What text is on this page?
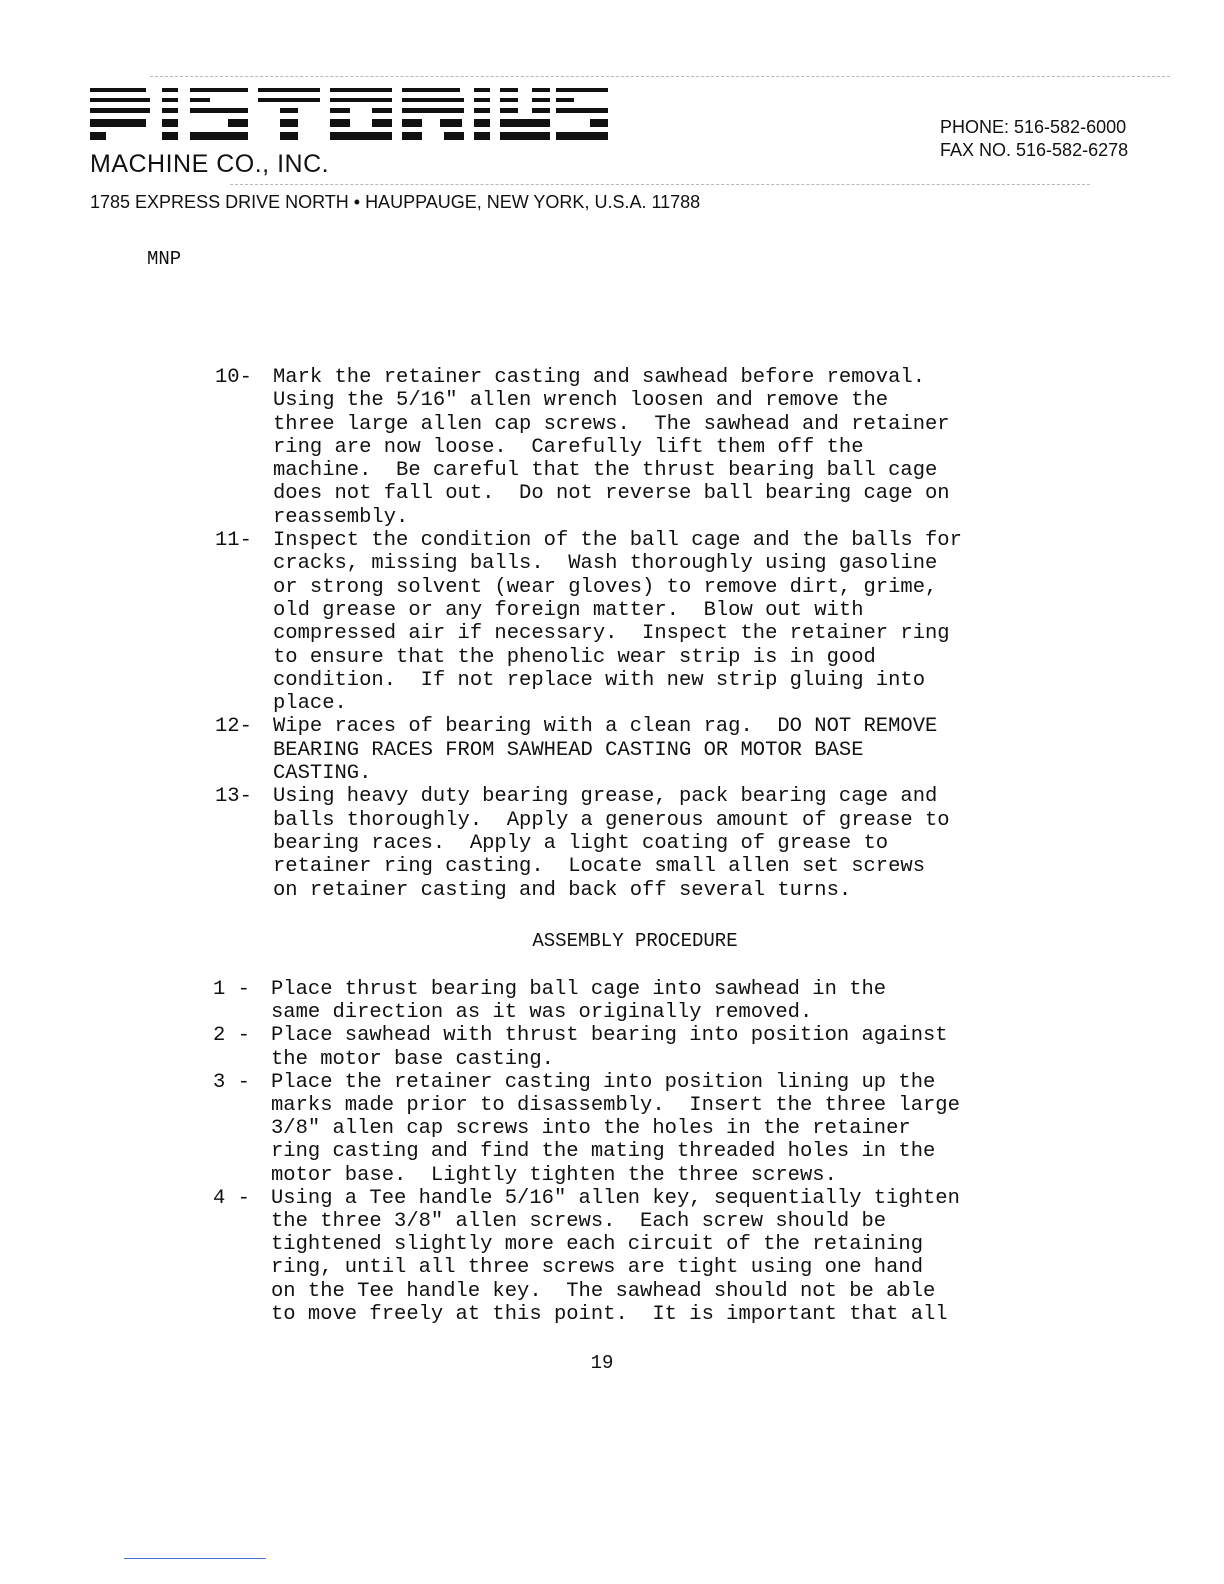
MACHINE CO., INC.
1785 EXPRESS DRIVE NORTH • HAUPPAUGE, NEW YORK, U.S.A. 11788
PHONE: 516-582-6000
FAX NO. 516-582-6278
MNP
10-	Mark the retainer casting and sawhead before removal.
Using the 5/16" allen wrench loosen and remove the
three large allen cap screws.  The sawhead and retainer
ring are now loose.  Carefully lift them off the
machine.  Be careful that the thrust bearing ball cage
does not fall out.  Do not reverse ball bearing cage on
reassembly.
11-	Inspect the condition of the ball cage and the balls for
cracks, missing balls.  Wash thoroughly using gasoline
or strong solvent (wear gloves) to remove dirt, grime,
old grease or any foreign matter.  Blow out with
compressed air if necessary.  Inspect the retainer ring
to ensure that the phenolic wear strip is in good
condition.  If not replace with new strip gluing into
place.
12-	Wipe races of bearing with a clean rag.  DO NOT REMOVE
BEARING RACES FROM SAWHEAD CASTING OR MOTOR BASE
CASTING.
13-	Using heavy duty bearing grease, pack bearing cage and
balls thoroughly.  Apply a generous amount of grease to
bearing races.  Apply a light coating of grease to
retainer ring casting.  Locate small allen set screws
on retainer casting and back off several turns.
ASSEMBLY PROCEDURE
1 -	Place thrust bearing ball cage into sawhead in the
same direction as it was originally removed.
2 -	Place sawhead with thrust bearing into position against
the motor base casting.
3 -	Place the retainer casting into position lining up the
marks made prior to disassembly.  Insert the three large
3/8" allen cap screws into the holes in the retainer
ring casting and find the mating threaded holes in the
motor base.  Lightly tighten the three screws.
4 -	Using a Tee handle 5/16" allen key, sequentially tighten
the three 3/8" allen screws.  Each screw should be
tightened slightly more each circuit of the retaining
ring, until all three screws are tight using one hand
on the Tee handle key.  The sawhead should not be able
to move freely at this point.  It is important that all
19
